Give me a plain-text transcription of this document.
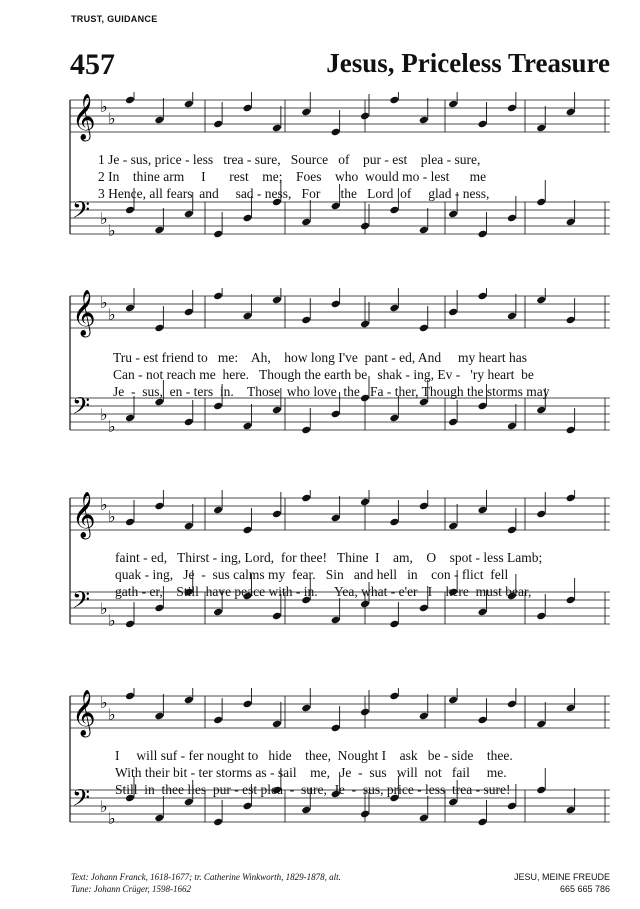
TRUST, GUIDANCE
457	Jesus, Priceless Treasure
𝄞 ♭
♭
𝄢 ♭
♭
1 Je - sus, price - less   trea - sure,   Source   of    pur - est    plea - sure,
2 In    thine arm     I       rest    me;    Foes    who  would mo - lest      me
3 Hence, all fears  and     sad - ness,   For      the   Lord  of     glad - ness,
𝄞 ♭
♭
𝄢 ♭
♭
Tru - est friend to   me:    Ah,    how long I've  pant - ed, And     my heart has
Can - not reach me  here.   Though the earth be   shak - ing, Ev -   'ry heart  be
Je  -  sus,  en - ters  in.    Those  who love  the   Fa - ther, Though the storms may
𝄞 ♭
♭
𝄢 ♭
♭
faint - ed,   Thirst - ing, Lord,  for thee!   Thine  I    am,    O    spot - less Lamb;
quak - ing,   Je  -  sus calms my  fear.   Sin   and hell   in    con - flict  fell
gath - er,    Still  have peace with - in.     Yea, what - e'er   I    here  must bear,
𝄞 ♭
♭
𝄢 ♭
♭
I     will suf - fer nought to   hide    thee,  Nought I    ask   be - side    thee.
With their bit - ter storms as - sail    me,   Je  -  sus   will  not   fail     me.
Still  in  thee lies  pur - est plea  -  sure,  Je  -  sus, price - less  trea - sure!
Text: Johann Franck, 1618-1677; tr. Catherine Winkworth, 1829-1878, alt.
Tune: Johann Crüger, 1598-1662
JESU, MEINE FREUDE
665 665 786
